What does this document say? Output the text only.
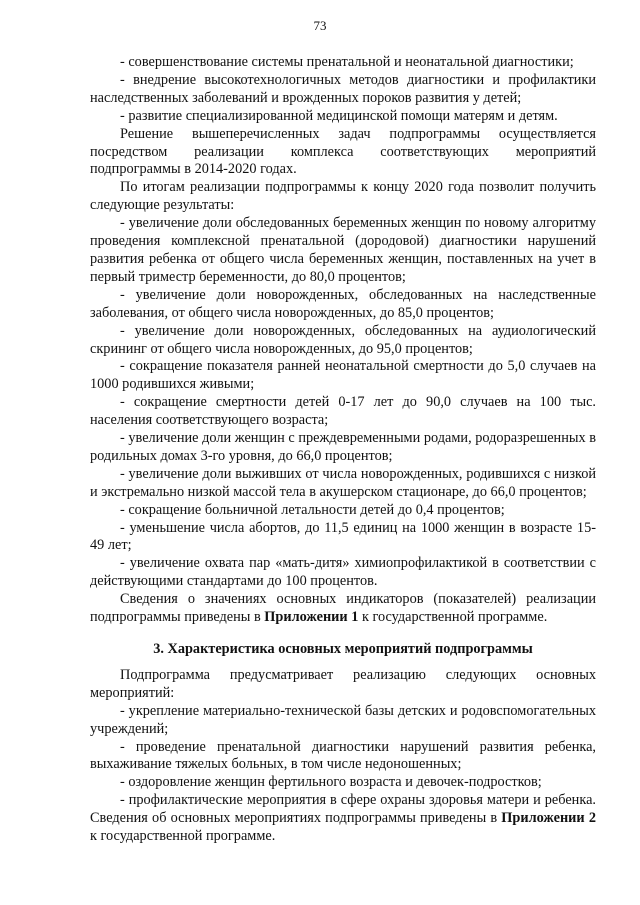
73

- совершенствование системы пренатальной и неонатальной диагностики;

- внедрение высокотехнологичных методов диагностики и профилактики наследственных заболеваний и врожденных пороков развития у детей;

- развитие специализированной медицинской помощи матерям и детям.

Решение вышеперечисленных задач подпрограммы осуществляется посредством реализации комплекса соответствующих мероприятий подпрограммы в 2014-2020 годах.

По итогам реализации подпрограммы к концу 2020 года позволит получить следующие результаты:

- увеличение доли обследованных беременных женщин по новому алгоритму проведения комплексной пренатальной (дородовой) диагностики нарушений развития ребенка от общего числа беременных женщин, поставленных на учет в первый триместр беременности, до 80,0 процентов;

- увеличение доли новорожденных, обследованных на наследственные заболевания, от общего числа новорожденных, до 85,0 процентов;

- увеличение доли новорожденных, обследованных на аудиологический скрининг от общего числа новорожденных, до 95,0 процентов;

- сокращение показателя ранней неонатальной смертности до 5,0 случаев на 1000 родившихся живыми;

- сокращение смертности детей 0-17 лет до 90,0 случаев на 100 тыс. населения соответствующего возраста;

- увеличение доли женщин с преждевременными родами, родоразрешенных в родильных домах 3-го уровня, до 66,0 процентов;

- увеличение доли выживших от числа новорожденных, родившихся с низкой и экстремально низкой массой тела в акушерском стационаре, до 66,0 процентов;

- сокращение больничной летальности детей до 0,4 процентов;

- уменьшение числа абортов, до 11,5 единиц на 1000 женщин в возрасте 15-49 лет;

- увеличение охвата пар «мать-дитя» химиопрофилактикой в соответствии с действующими стандартами до 100 процентов.

Сведения о значениях основных индикаторов (показателей) реализации подпрограммы приведены в Приложении 1 к государственной программе.

3. Характеристика основных мероприятий подпрограммы

Подпрограмма предусматривает реализацию следующих основных мероприятий:

- укрепление материально-технической базы детских и родовспомогательных учреждений;

- проведение пренатальной диагностики нарушений развития ребенка, выхаживание тяжелых больных, в том числе недоношенных;

- оздоровление женщин фертильного возраста и девочек-подростков;

- профилактические мероприятия в сфере охраны здоровья матери и ребенка. Сведения об основных мероприятиях подпрограммы приведены в Приложении 2 к государственной программе.
